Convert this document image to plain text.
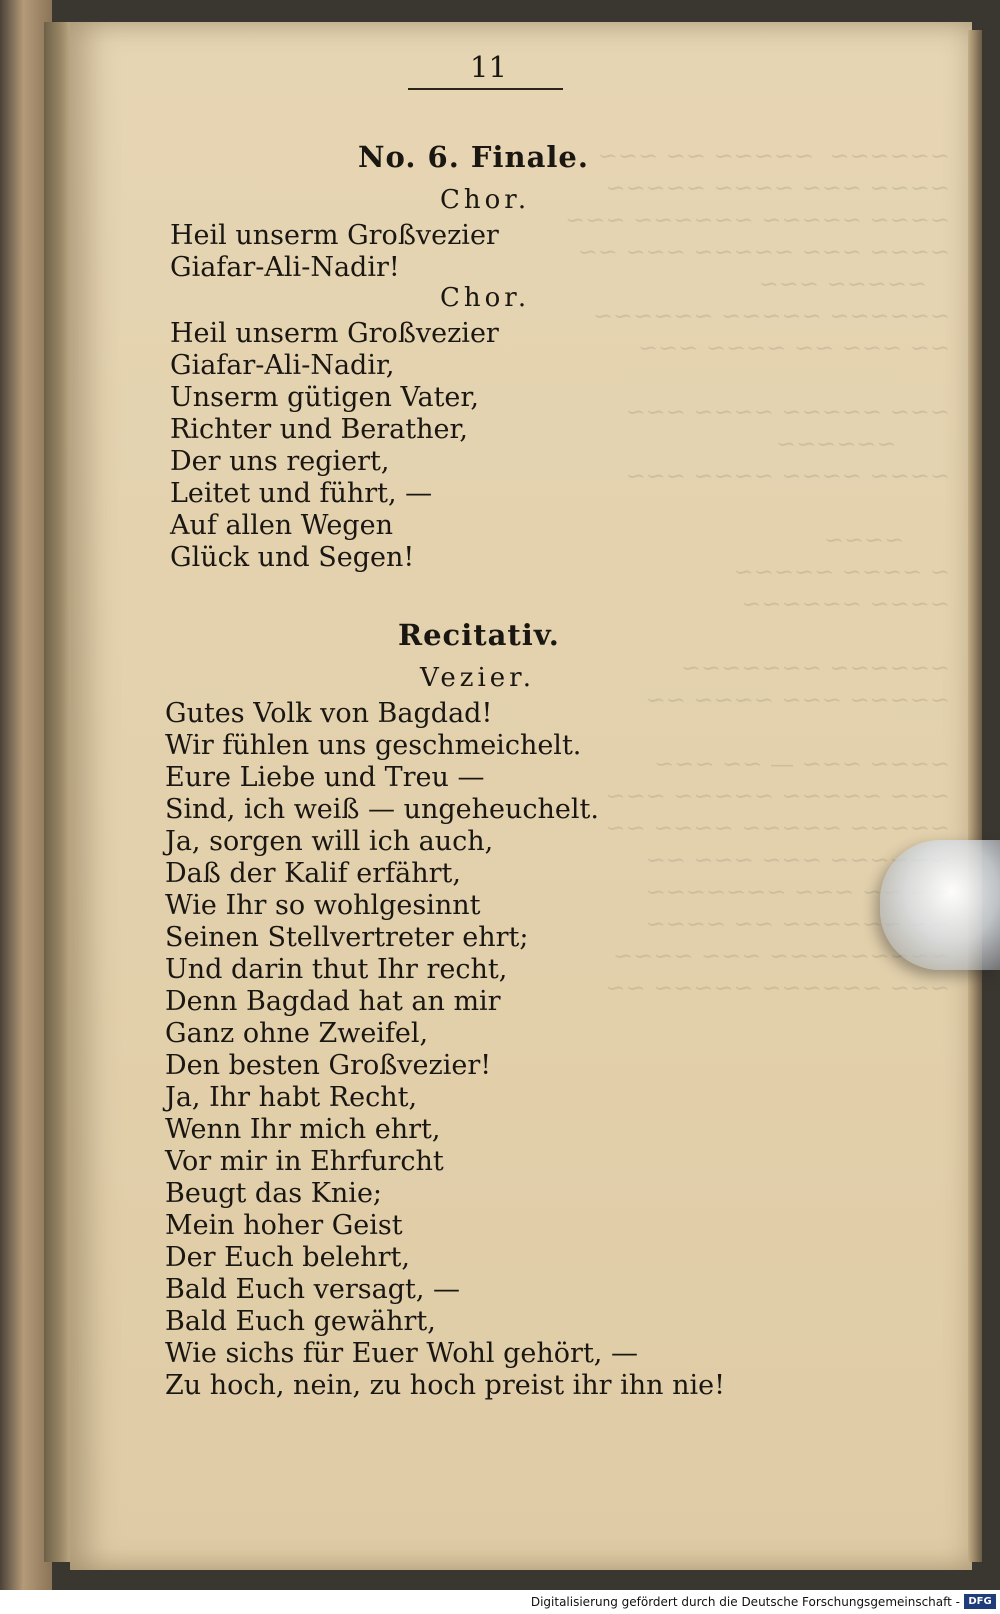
11
No. 6. Finale.
Chor.
Heil unserm Großvezier
Giafar-Ali-Nadir!
Chor.
Heil unserm Großvezier
Giafar-Ali-Nadir,
Unserm gütigen Vater,
Richter und Berather,
Der uns regiert,
Leitet und führt, —
Auf allen Wegen
Glück und Segen!
Recitativ.
Vezier.
Gutes Volk von Bagdad!
Wir fühlen uns geschmeichelt.
Eure Liebe und Treu —
Sind, ich weiß — ungeheuchelt.
Ja, sorgen will ich auch,
Daß der Kalif erfährt,
Wie Ihr so wohlgesinnt
Seinen Stellvertreter ehrt;
Und darin thut Ihr recht,
Denn Bagdad hat an mir
Ganz ohne Zweifel,
Den besten Großvezier!
Ja, Ihr habt Recht,
Wenn Ihr mich ehrt,
Vor mir in Ehrfurcht
Beugt das Knie;
Mein hoher Geist
Der Euch belehrt,
Bald Euch versagt, —
Bald Euch gewährt,
Wie sichs für Euer Wohl gehört, —
Zu hoch, nein, zu hoch preist ihr ihn nie!
Digitalisierung gefördert durch die Deutsche Forschungsgemeinschaft - DFG
